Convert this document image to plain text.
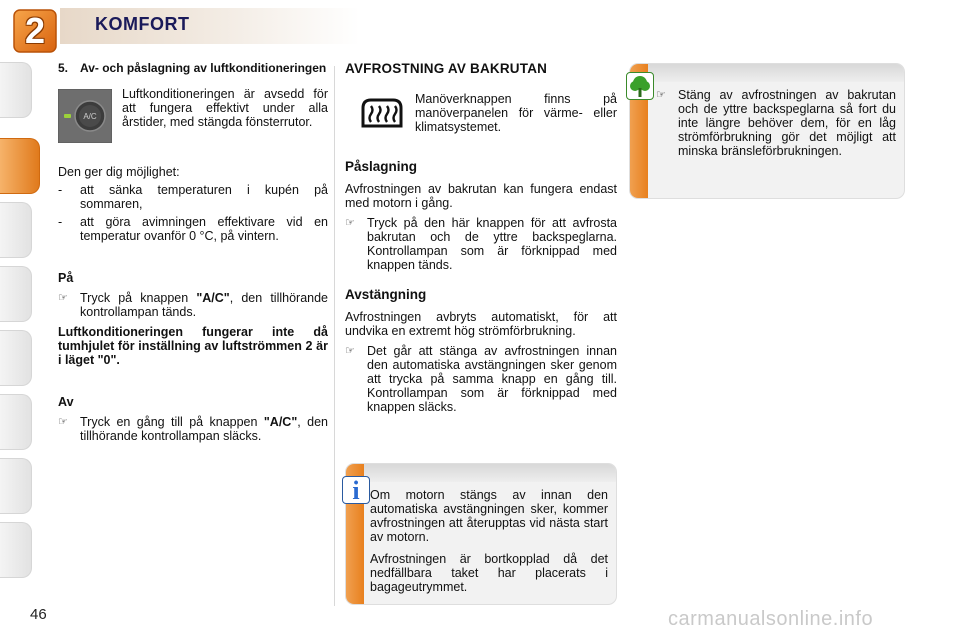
2	KOMFORT
5. Av- och påslagning av luftkonditioneringen
A/C
Luftkonditioneringen är avsedd för att fungera effektivt under alla årstider, med stängda fönsterrutor.
Den ger dig möjlighet:
-	att sänka temperaturen i kupén på sommaren,
-	att göra avimningen effektivare vid en temperatur ovanför 0 °C, på vintern.
På
☞ Tryck på knappen "A/C", den tillhörande kontrollampan tänds.
Luftkonditioneringen fungerar inte då tumhjulet för inställning av luftströmmen 2 är i läget "0".
Av
☞ Tryck en gång till på knappen "A/C", den tillhörande kontrollampan släcks.
AVFROSTNING AV BAKRUTAN
Manöverknappen finns på manöverpanelen för värme- eller klimatsystemet.
Påslagning
Avfrostningen av bakrutan kan fungera endast med motorn i gång.
☞ Tryck på den här knappen för att avfrosta bakrutan och de yttre backspeglarna. Kontrollampan som är förknippad med knappen tänds.
Avstängning
Avfrostningen avbryts automatiskt, för att undvika en extremt hög strömförbrukning.
☞ Det går att stänga av avfrostningen innan den automatiska avstängningen sker genom att trycka på samma knapp en gång till. Kontrollampan som är förknippad med knappen släcks.
☞ Stäng av avfrostningen av bakrutan och de yttre backspeglarna så fort du inte längre behöver dem, för en låg strömförbrukning gör det möjligt att minska bränsleförbrukningen.
i Om motorn stängs av innan den automatiska avstängningen sker, kommer avfrostningen att återupptas vid nästa start av motorn.
Avfrostningen är bortkopplad då det nedfällbara taket har placerats i bagageutrymmet.
46	carmanualsonline.info
